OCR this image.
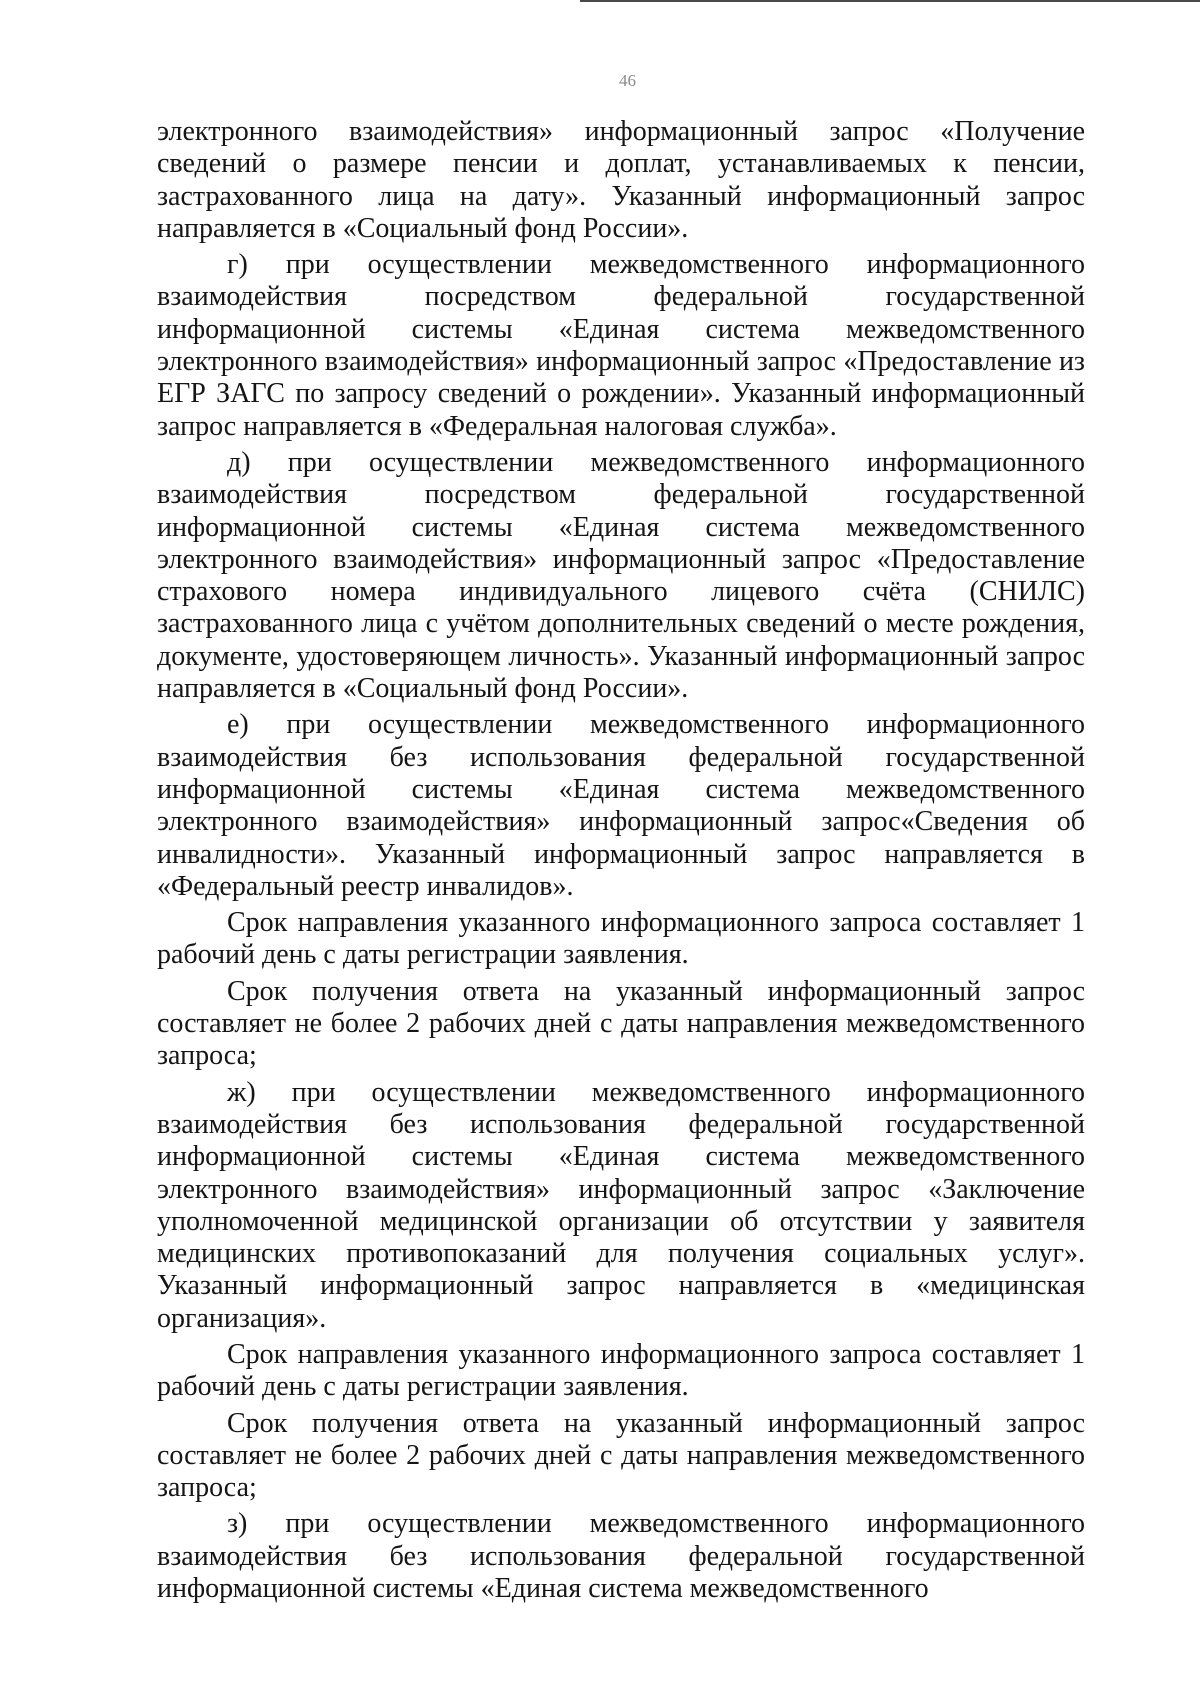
46

электронного взаимодействия» информационный запрос «Получение сведений о размере пенсии и доплат, устанавливаемых к пенсии, застрахованного лица на дату». Указанный информационный запрос направляется в «Социальный фонд России».

г) при осуществлении межведомственного информационного взаимодействия посредством федеральной государственной информационной системы «Единая система межведомственного электронного взаимодействия» информационный запрос «Предоставление из ЕГР ЗАГС по запросу сведений о рождении». Указанный информационный запрос направляется в «Федеральная налоговая служба».

д) при осуществлении межведомственного информационного взаимодействия посредством федеральной государственной информационной системы «Единая система межведомственного электронного взаимодействия» информационный запрос «Предоставление страхового номера индивидуального лицевого счёта (СНИЛС) застрахованного лица с учётом дополнительных сведений о месте рождения, документе, удостоверяющем личность». Указанный информационный запрос направляется в «Социальный фонд России».

е) при осуществлении межведомственного информационного взаимодействия без использования федеральной государственной информационной системы «Единая система межведомственного электронного взаимодействия» информационный запрос«Сведения об инвалидности». Указанный информационный запрос направляется в «Федеральный реестр инвалидов».

Срок направления указанного информационного запроса составляет 1 рабочий день с даты регистрации заявления.

Срок получения ответа на указанный информационный запрос составляет не более 2 рабочих дней с даты направления межведомственного запроса;

ж) при осуществлении межведомственного информационного взаимодействия без использования федеральной государственной информационной системы «Единая система межведомственного электронного взаимодействия» информационный запрос «Заключение уполномоченной медицинской организации об отсутствии у заявителя медицинских противопоказаний для получения социальных услуг». Указанный информационный запрос направляется в «медицинская организация».

Срок направления указанного информационного запроса составляет 1 рабочий день с даты регистрации заявления.

Срок получения ответа на указанный информационный запрос составляет не более 2 рабочих дней с даты направления межведомственного запроса;

з) при осуществлении межведомственного информационного взаимодействия без использования федеральной государственной информационной системы «Единая система межведомственного
